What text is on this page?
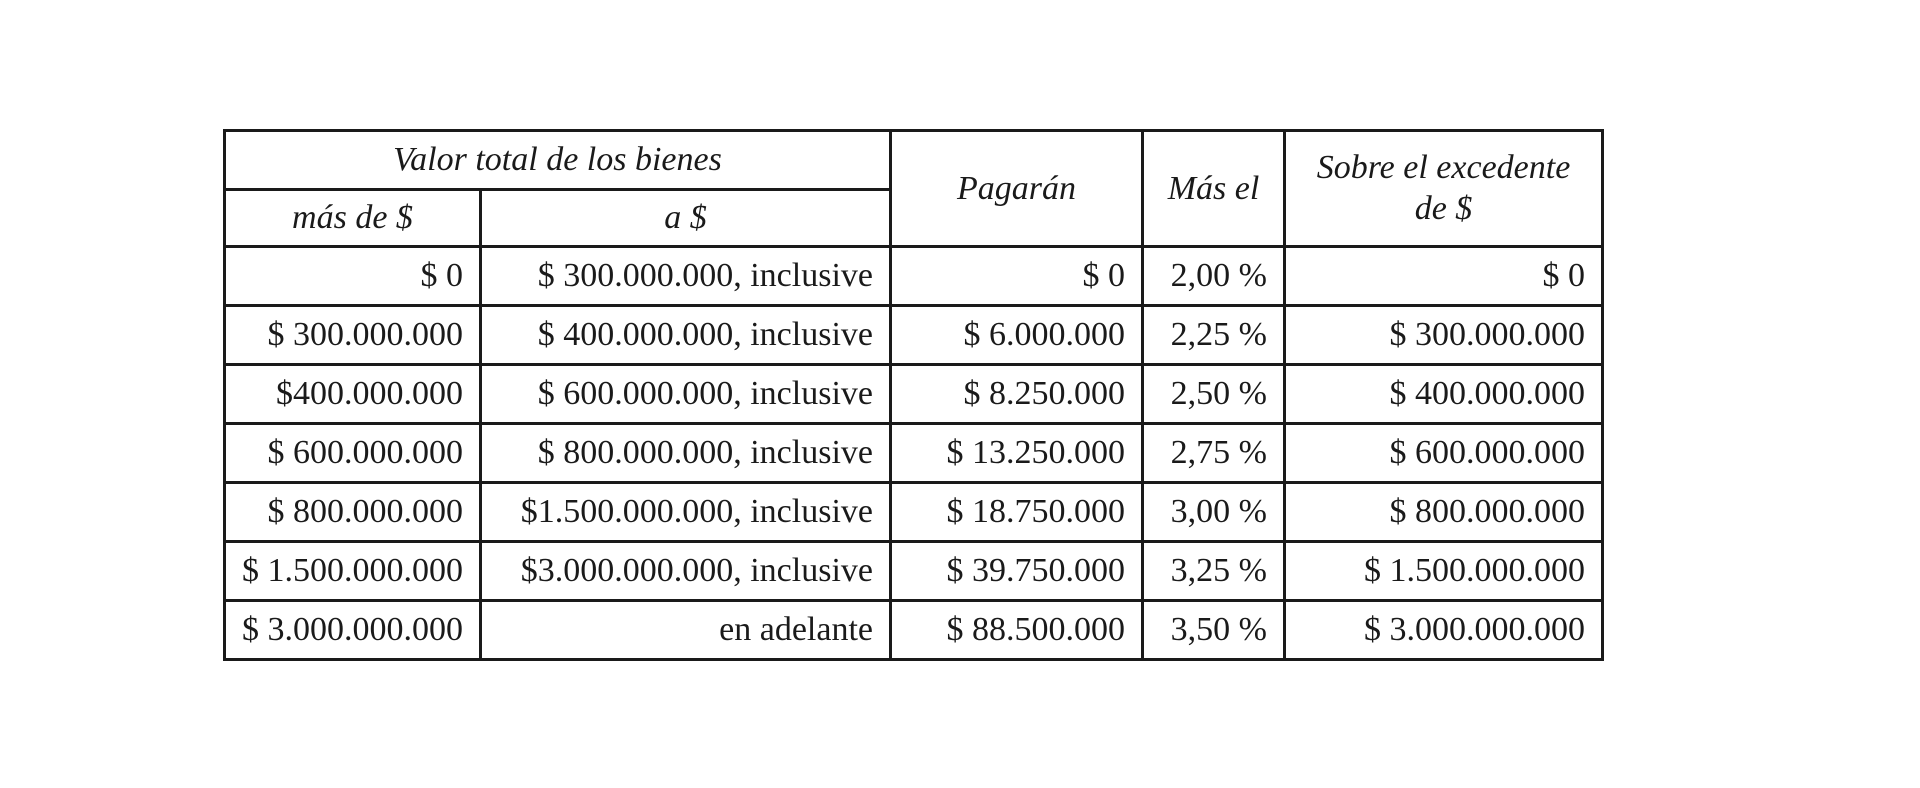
Valor total de los bienes		Pagarán	Más el	Sobre el excedente de $
más de $	a $			
$ 0	$ 300.000.000, inclusive	$ 0	2,00 %	$ 0
$ 300.000.000	$ 400.000.000, inclusive	$ 6.000.000	2,25 %	$ 300.000.000
$400.000.000	$ 600.000.000, inclusive	$ 8.250.000	2,50 %	$ 400.000.000
$ 600.000.000	$ 800.000.000, inclusive	$ 13.250.000	2,75 %	$ 600.000.000
$ 800.000.000	$1.500.000.000, inclusive	$ 18.750.000	3,00 %	$ 800.000.000
$ 1.500.000.000	$3.000.000.000, inclusive	$ 39.750.000	3,25 %	$ 1.500.000.000
$ 3.000.000.000	en adelante	$ 88.500.000	3,50 %	$ 3.000.000.000
